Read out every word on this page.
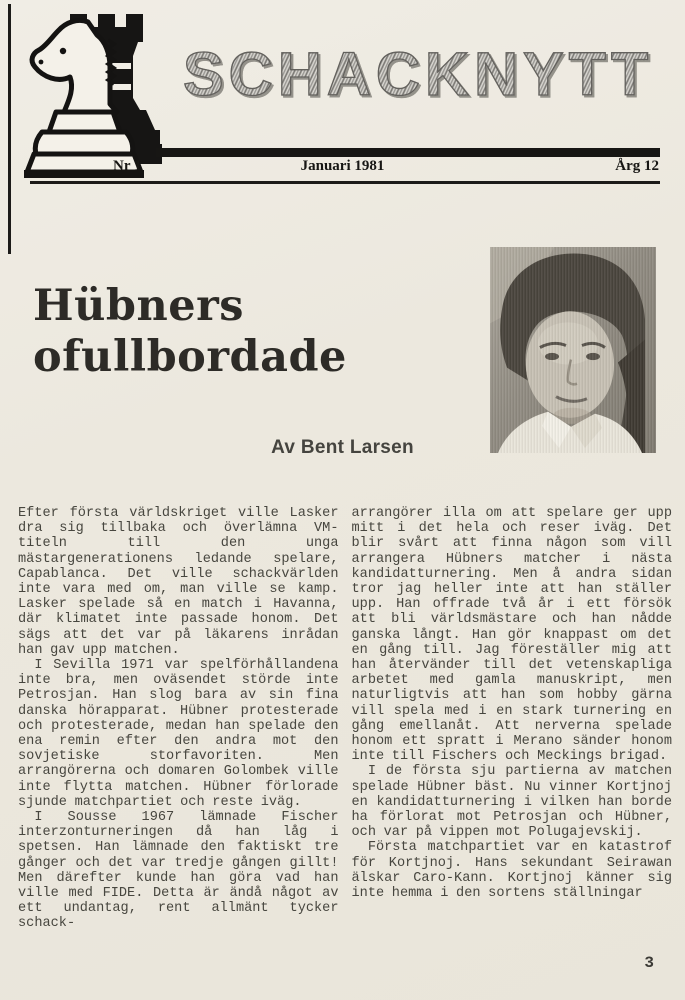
SCHACKNYTT
Nr 1	Januari 1981	Årg 12
Hübners
ofullbordade
Av Bent Larsen

Efter första världskriget ville Lasker dra sig tillbaka och överlämna VM-titeln till den unga mästargenerationens ledande spelare, Capablanca. Det ville schackvärlden inte vara med om, man ville se kamp. Lasker spelade så en match i Havanna, där klimatet inte passade honom. Det sägs att det var på läkarens inrådan han gav upp matchen.

I Sevilla 1971 var spelförhållandena inte bra, men oväsendet störde inte Petrosjan. Han slog bara av sin fina danska hörapparat. Hübner protesterade och protesterade, medan han spelade den ena remin efter den andra mot den sovjetiske storfavoriten. Men arrangörerna och domaren Golombek ville inte flytta matchen. Hübner förlorade sjunde matchpartiet och reste iväg.

I Sousse 1967 lämnade Fischer interzonturneringen då han låg i spetsen. Han lämnade den faktiskt tre gånger och det var tredje gången gillt! Men därefter kunde han göra vad han ville med FIDE. Detta är ändå något av ett undantag, rent allmänt tycker schack-

arrangörer illa om att spelare ger upp mitt i det hela och reser iväg. Det blir svårt att finna någon som vill arrangera Hübners matcher i nästa kandidatturnering. Men å andra sidan tror jag heller inte att han ställer upp. Han offrade två år i ett försök att bli världsmästare och han nådde ganska långt. Han gör knappast om det en gång till. Jag föreställer mig att han återvänder till det vetenskapliga arbetet med gamla manuskript, men naturligtvis att han som hobby gärna vill spela med i en stark turnering en gång emellanåt. Att nerverna spelade honom ett spratt i Merano sänder honom inte till Fischers och Meckings brigad.

I de första sju partierna av matchen spelade Hübner bäst. Nu vinner Kortjnoj en kandidatturnering i vilken han borde ha förlorat mot Petrosjan och Hübner, och var på vippen mot Polugajevskij.

Första matchpartiet var en katastrof för Kortjnoj. Hans sekundant Seirawan älskar Caro-Kann. Kortjnoj känner sig inte hemma i den sortens ställningar

3
